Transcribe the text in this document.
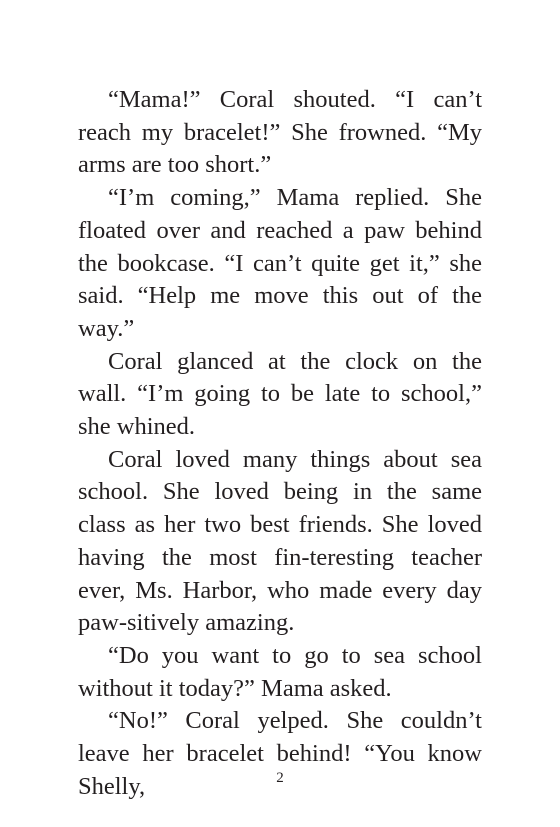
“Mama!” Coral shouted. “I can’t reach my bracelet!” She frowned. “My arms are too short.”

“I’m coming,” Mama replied. She floated over and reached a paw behind the bookcase. “I can’t quite get it,” she said. “Help me move this out of the way.”

Coral glanced at the clock on the wall. “I’m going to be late to school,” she whined.

Coral loved many things about sea school. She loved being in the same class as her two best friends. She loved having the most fin-teresting teacher ever, Ms. Harbor, who made every day paw-sitively amazing.

“Do you want to go to sea school without it today?” Mama asked.

“No!” Coral yelped. She couldn’t leave her bracelet behind! “You know Shelly,	2
